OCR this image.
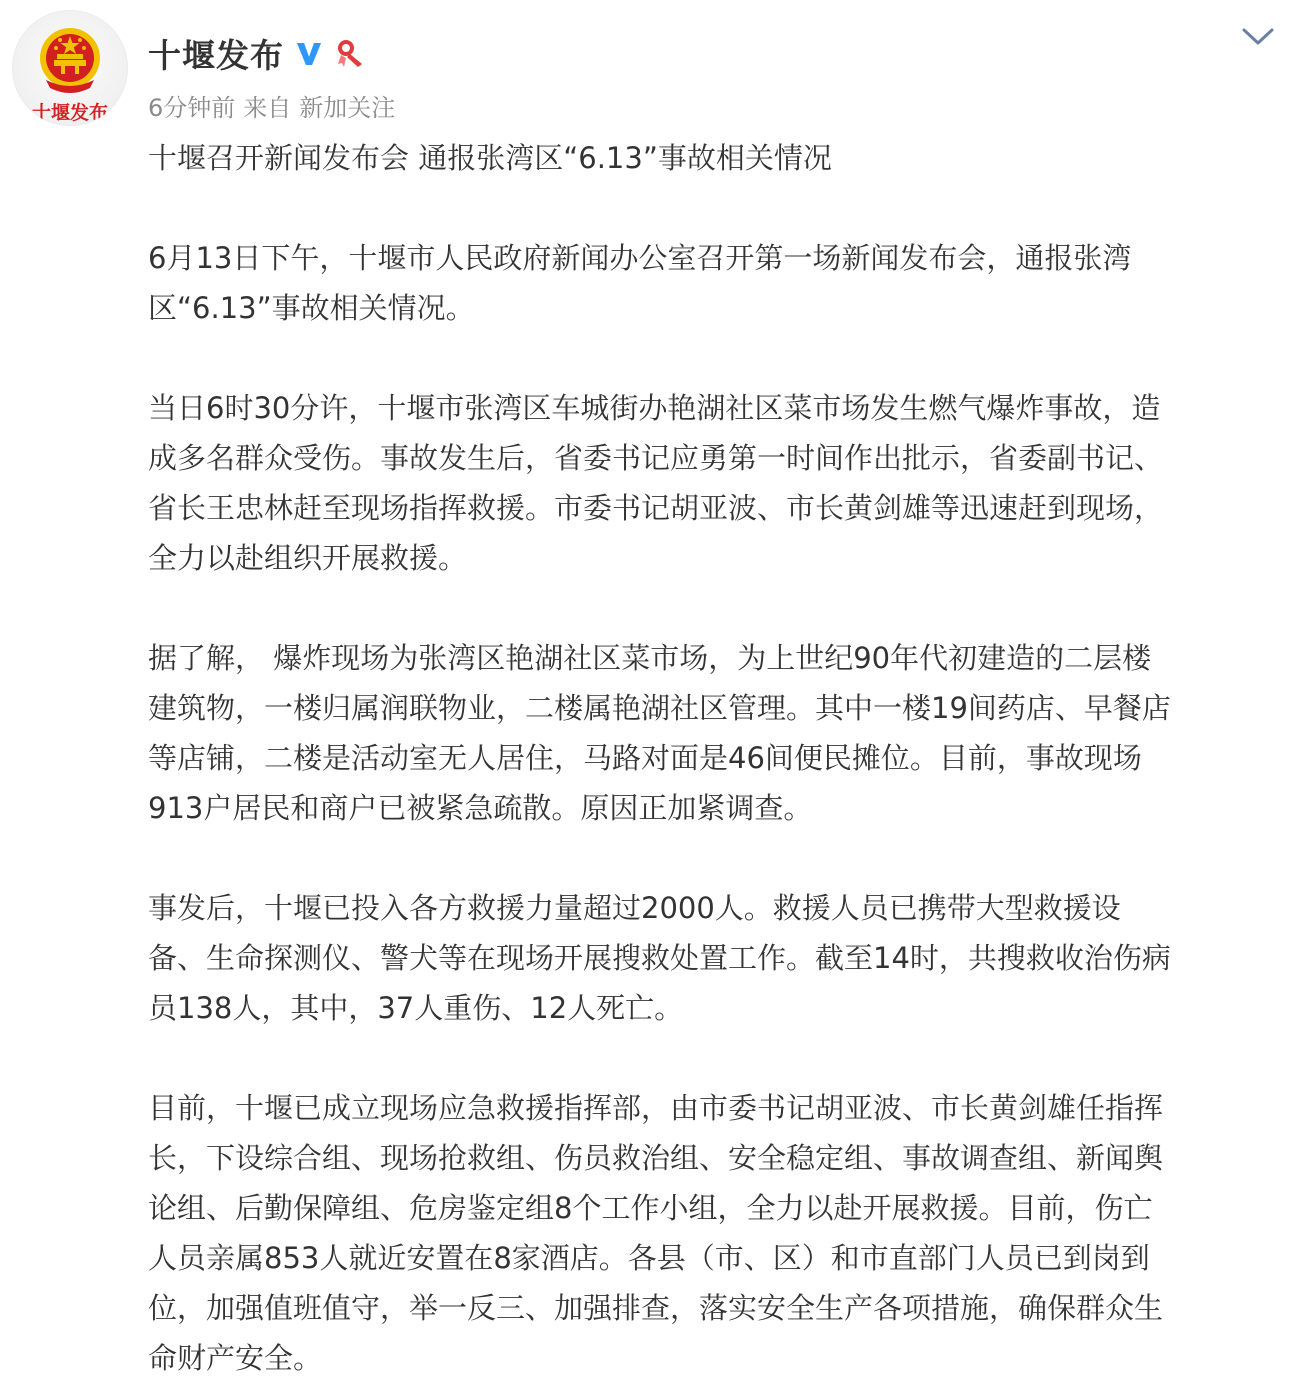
十堰发布
十堰发布
6分钟前 来自 新加关注

十堰召开新闻发布会 通报张湾区“6.13”事故相关情况

6月13日下午，十堰市人民政府新闻办公室召开第一场新闻发布会，通报张湾
区“6.13”事故相关情况。

当日6时30分许，十堰市张湾区车城街办艳湖社区菜市场发生燃气爆炸事故，造
成多名群众受伤。事故发生后，省委书记应勇第一时间作出批示，省委副书记、
省长王忠林赶至现场指挥救援。市委书记胡亚波、市长黄剑雄等迅速赶到现场，
全力以赴组织开展救援。

据了解， 爆炸现场为张湾区艳湖社区菜市场，为上世纪90年代初建造的二层楼
建筑物，一楼归属润联物业，二楼属艳湖社区管理。其中一楼19间药店、早餐店
等店铺，二楼是活动室无人居住，马路对面是46间便民摊位。目前，事故现场
913户居民和商户已被紧急疏散。原因正加紧调查。

事发后，十堰已投入各方救援力量超过2000人。救援人员已携带大型救援设
备、生命探测仪、警犬等在现场开展搜救处置工作。截至14时，共搜救收治伤病
员138人，其中，37人重伤、12人死亡。

目前，十堰已成立现场应急救援指挥部，由市委书记胡亚波、市长黄剑雄任指挥
长，下设综合组、现场抢救组、伤员救治组、安全稳定组、事故调查组、新闻舆
论组、后勤保障组、危房鉴定组8个工作小组，全力以赴开展救援。目前，伤亡
人员亲属853人就近安置在8家酒店。各县（市、区）和市直部门人员已到岗到
位，加强值班值守，举一反三、加强排查，落实安全生产各项措施，确保群众生
命财产安全。
